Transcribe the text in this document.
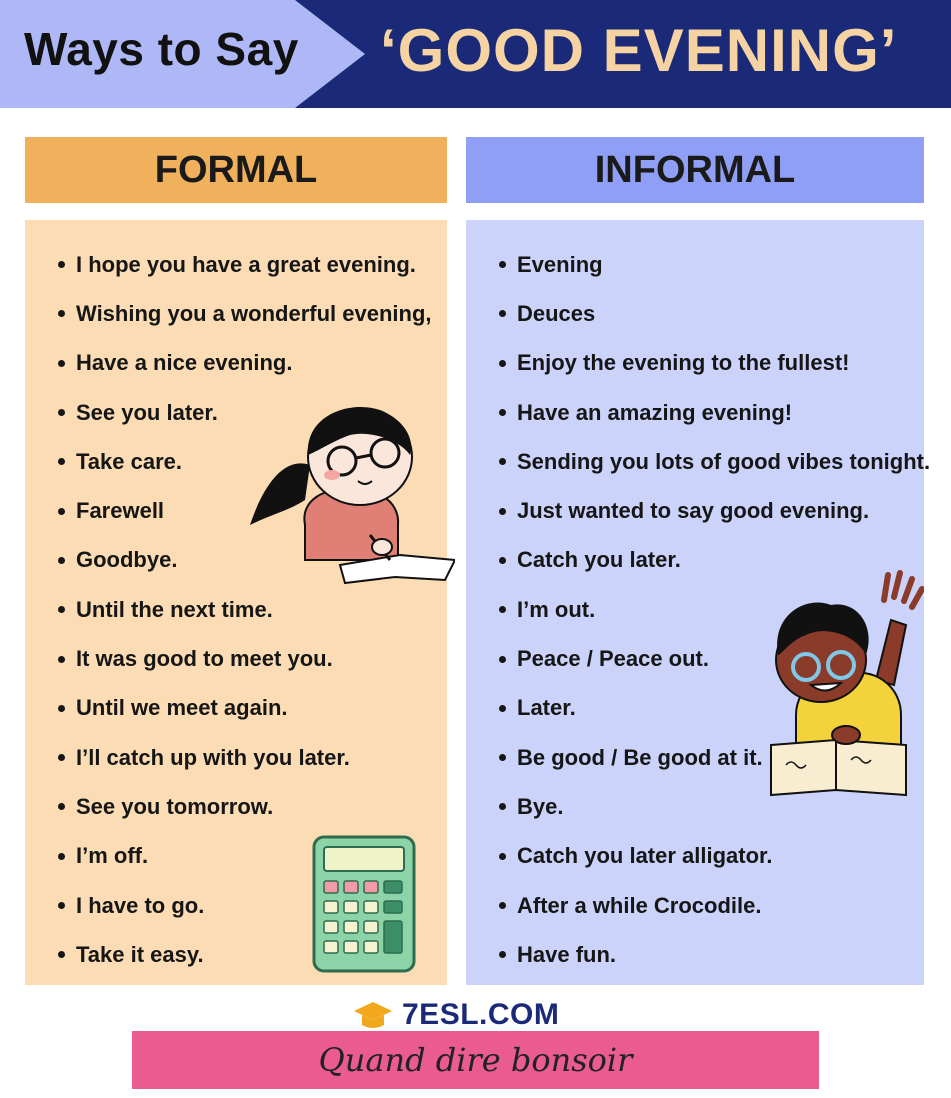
Ways to Say ‘GOOD EVENING’
FORMAL	INFORMAL
I hope you have a great evening.
Wishing you a wonderful evening,
Have a nice evening.
See you later.
Take care.
Farewell
Goodbye.
Until the next time.
It was good to meet you.
Until we meet again.
I’ll catch up with you later.
See you tomorrow.
I’m off.
I have to go.
Take it easy.
Evening
Deuces
Enjoy the evening to the fullest!
Have an amazing evening!
Sending you lots of good vibes tonight.
Just wanted to say good evening.
Catch you later.
I’m out.
Peace / Peace out.
Later.
Be good / Be good at it.
Bye.
Catch you later alligator.
After a while Crocodile.
Have fun.
7ESL.COM
Quand dire bonsoir
